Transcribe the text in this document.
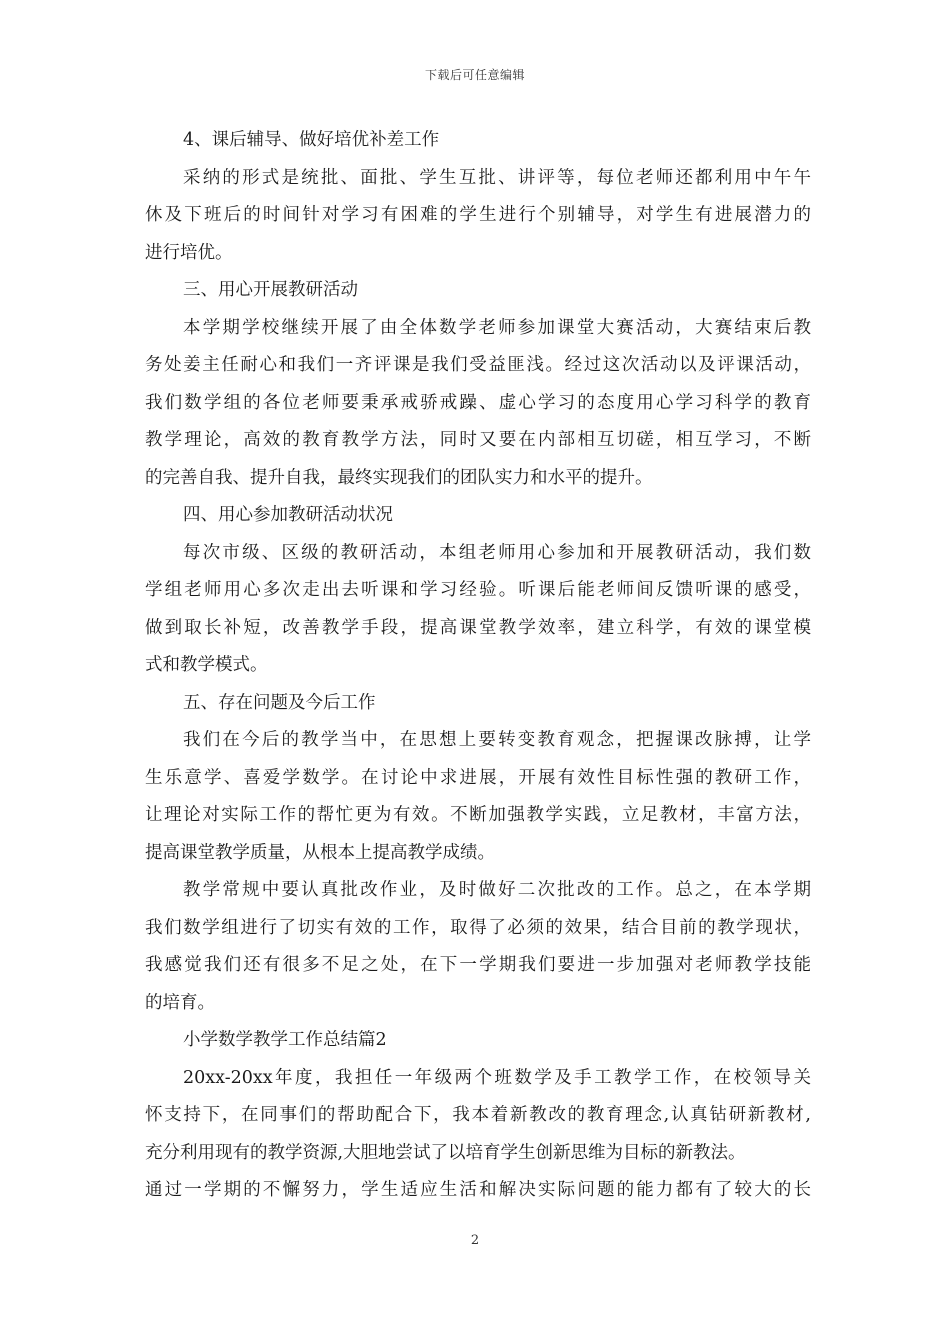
下载后可任意编辑
4、课后辅导、做好培优补差工作
采纳的形式是统批、面批、学生互批、讲评等，每位老师还都利用中午午
休及下班后的时间针对学习有困难的学生进行个别辅导，对学生有进展潜力的
进行培优。
三、用心开展教研活动
本学期学校继续开展了由全体数学老师参加课堂大赛活动，大赛结束后教
务处姜主任耐心和我们一齐评课是我们受益匪浅。经过这次活动以及评课活动，
我们数学组的各位老师要秉承戒骄戒躁、虚心学习的态度用心学习科学的教育
教学理论，高效的教育教学方法，同时又要在内部相互切磋，相互学习，不断
的完善自我、提升自我，最终实现我们的团队实力和水平的提升。
四、用心参加教研活动状况
每次市级、区级的教研活动，本组老师用心参加和开展教研活动，我们数
学组老师用心多次走出去听课和学习经验。听课后能老师间反馈听课的感受，
做到取长补短，改善教学手段，提高课堂教学效率，建立科学，有效的课堂模
式和教学模式。
五、存在问题及今后工作
我们在今后的教学当中，在思想上要转变教育观念，把握课改脉搏，让学
生乐意学、喜爱学数学。在讨论中求进展，开展有效性目标性强的教研工作，
让理论对实际工作的帮忙更为有效。不断加强教学实践，立足教材，丰富方法，
提高课堂教学质量，从根本上提高教学成绩。
教学常规中要认真批改作业，及时做好二次批改的工作。总之，在本学期
我们数学组进行了切实有效的工作，取得了必须的效果，结合目前的教学现状，
我感觉我们还有很多不足之处，在下一学期我们要进一步加强对老师教学技能
的培育。
小学数学教学工作总结篇2
20xx-20xx年度，我担任一年级两个班数学及手工教学工作，在校领导关
怀支持下，在同事们的帮助配合下，我本着新教改的教育理念,认真钻研新教材,
充分利用现有的教学资源,大胆地尝试了以培育学生创新思维为目标的新教法。
通过一学期的不懈努力，学生适应生活和解决实际问题的能力都有了较大的长
2
